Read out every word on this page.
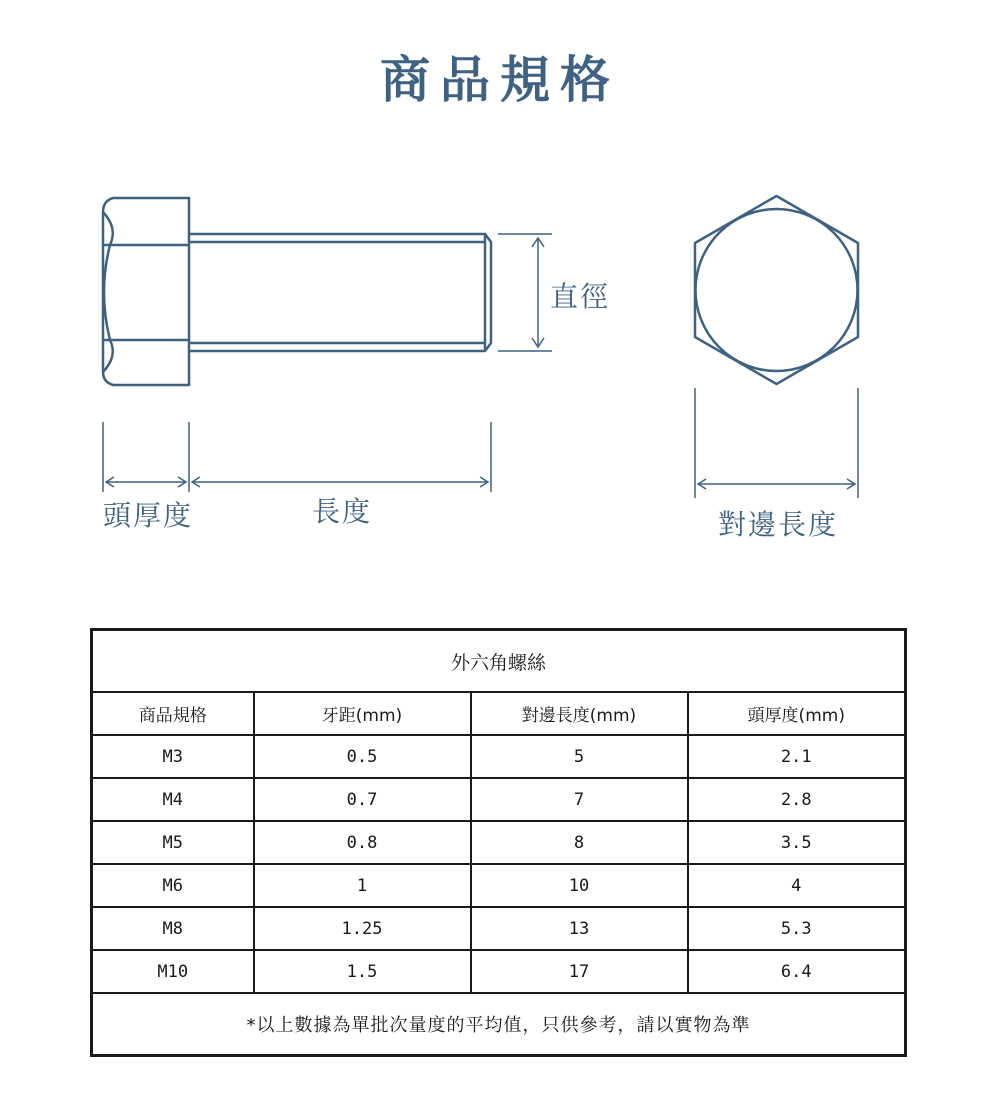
商品規格
直徑
頭厚度	長度	對邊長度
外六角螺絲			
商品規格	牙距(mm)	對邊長度(mm)	頭厚度(mm)
M3	0.5	5	2.1
M4	0.7	7	2.8
M5	0.8	8	3.5
M6	1	10	4
M8	1.25	13	5.3
M10	1.5	17	6.4
*以上數據為單批次量度的平均值，只供參考，請以實物為準			
